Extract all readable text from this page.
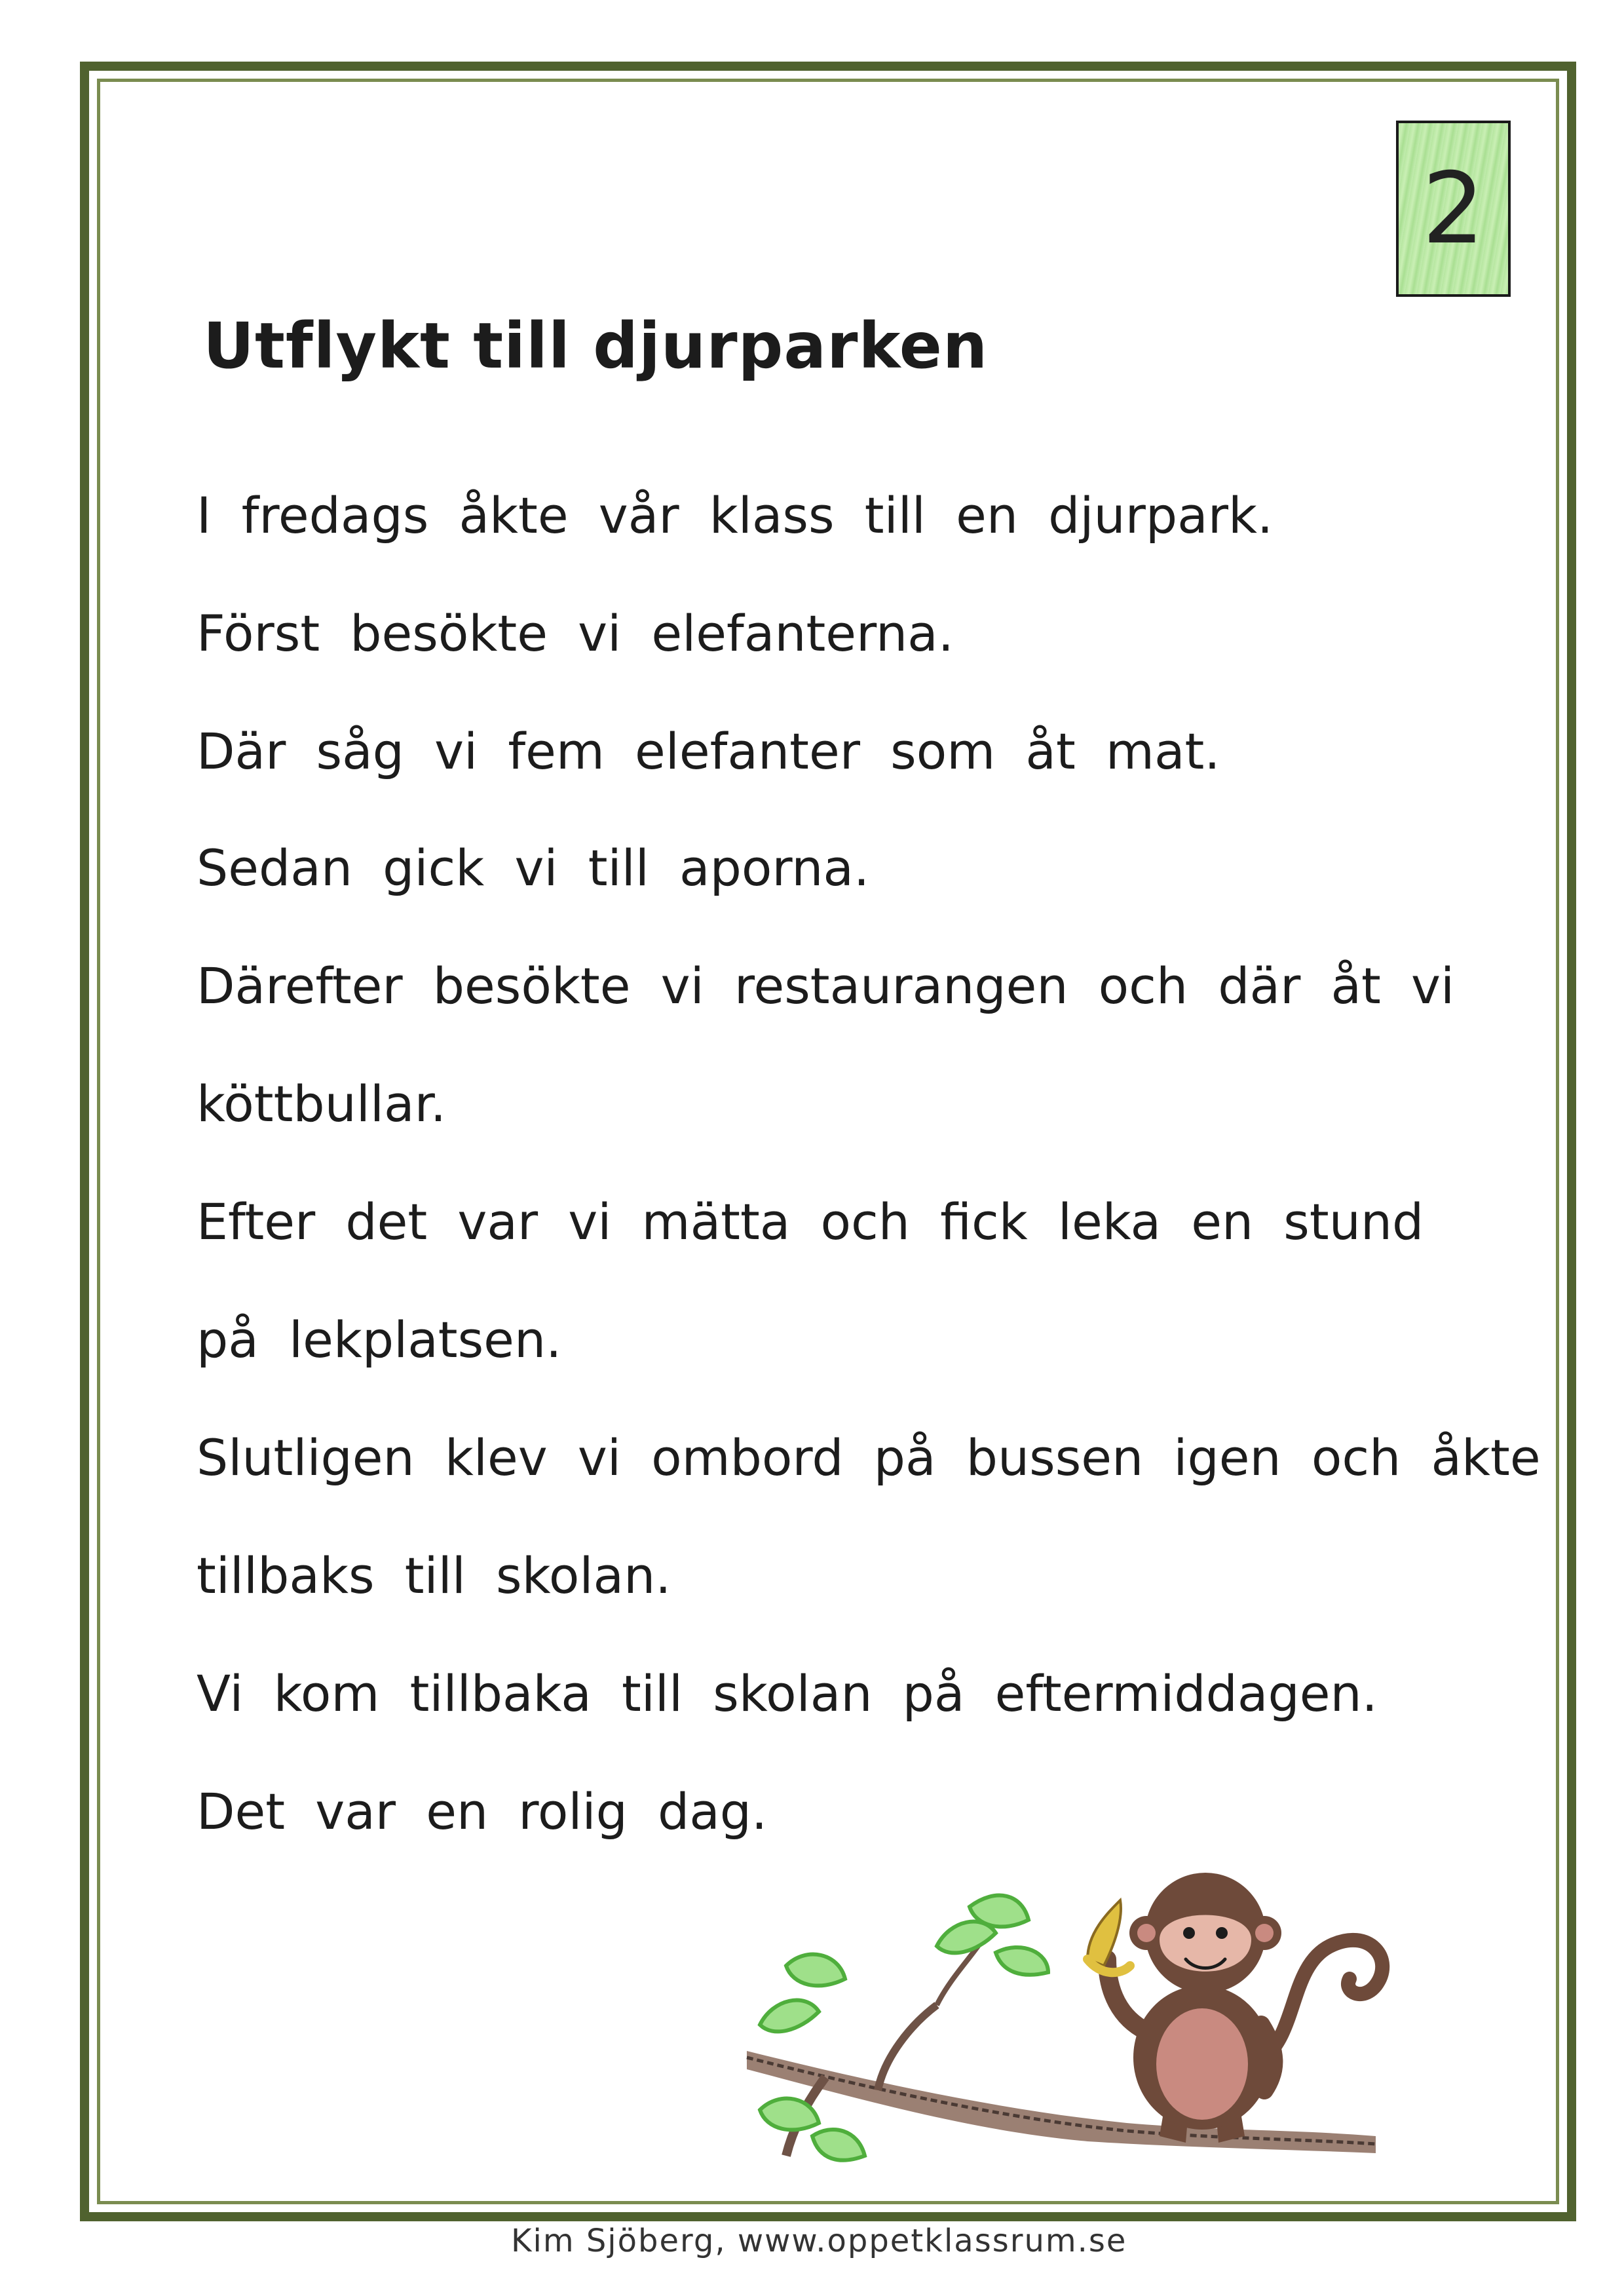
2
Utflykt till djurparken
I fredags åkte vår klass till en djurpark.
Först besökte vi elefanterna.
Där såg vi fem elefanter som åt mat.
Sedan gick vi till aporna.
Därefter besökte vi restaurangen och där åt vi
köttbullar.
Efter det var vi mätta och fick leka en stund
på lekplatsen.
Slutligen klev vi ombord på bussen igen och åkte
tillbaks till skolan.
Vi kom tillbaka till skolan på eftermiddagen.
Det var en rolig dag.
Kim Sjöberg, www.oppetklassrum.se
